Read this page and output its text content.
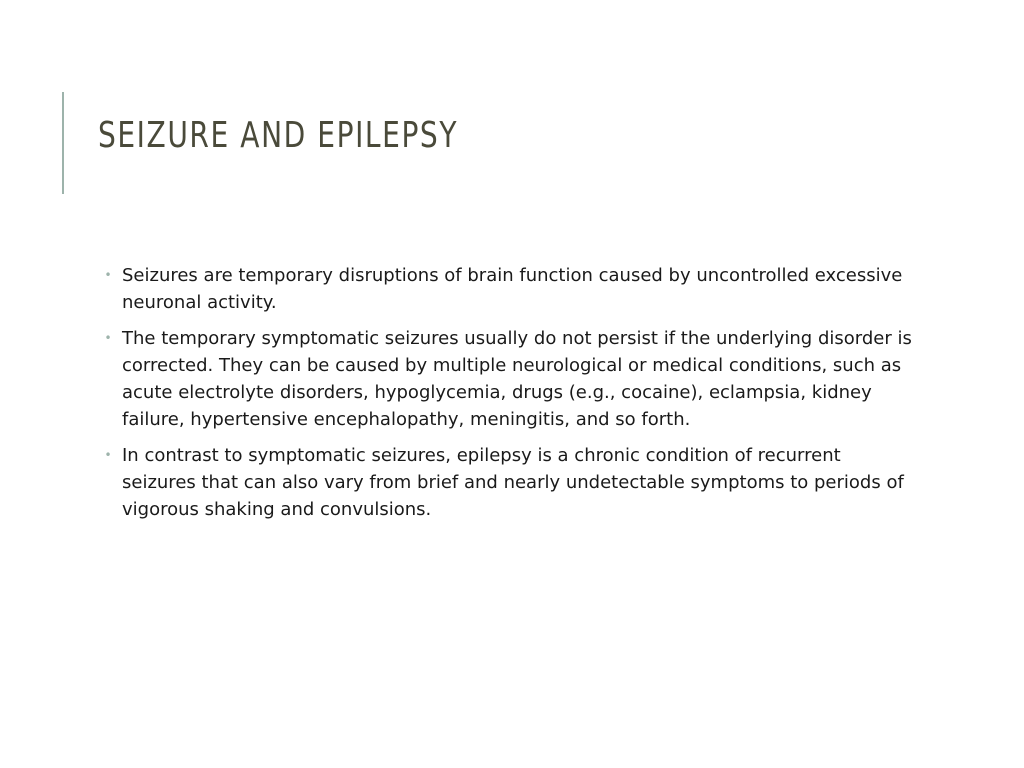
SEIZURE AND EPILEPSY
• Seizures are temporary disruptions of brain function caused by uncontrolled excessive neuronal activity.
• The temporary symptomatic seizures usually do not persist if the underlying disorder is corrected. They can be caused by multiple neurological or medical conditions, such as acute electrolyte disorders, hypoglycemia, drugs (e.g., cocaine), eclampsia, kidney failure, hypertensive encephalopathy, meningitis, and so forth.
• In contrast to symptomatic seizures, epilepsy is a chronic condition of recurrent seizures that can also vary from brief and nearly undetectable symptoms to periods of vigorous shaking and convulsions.
